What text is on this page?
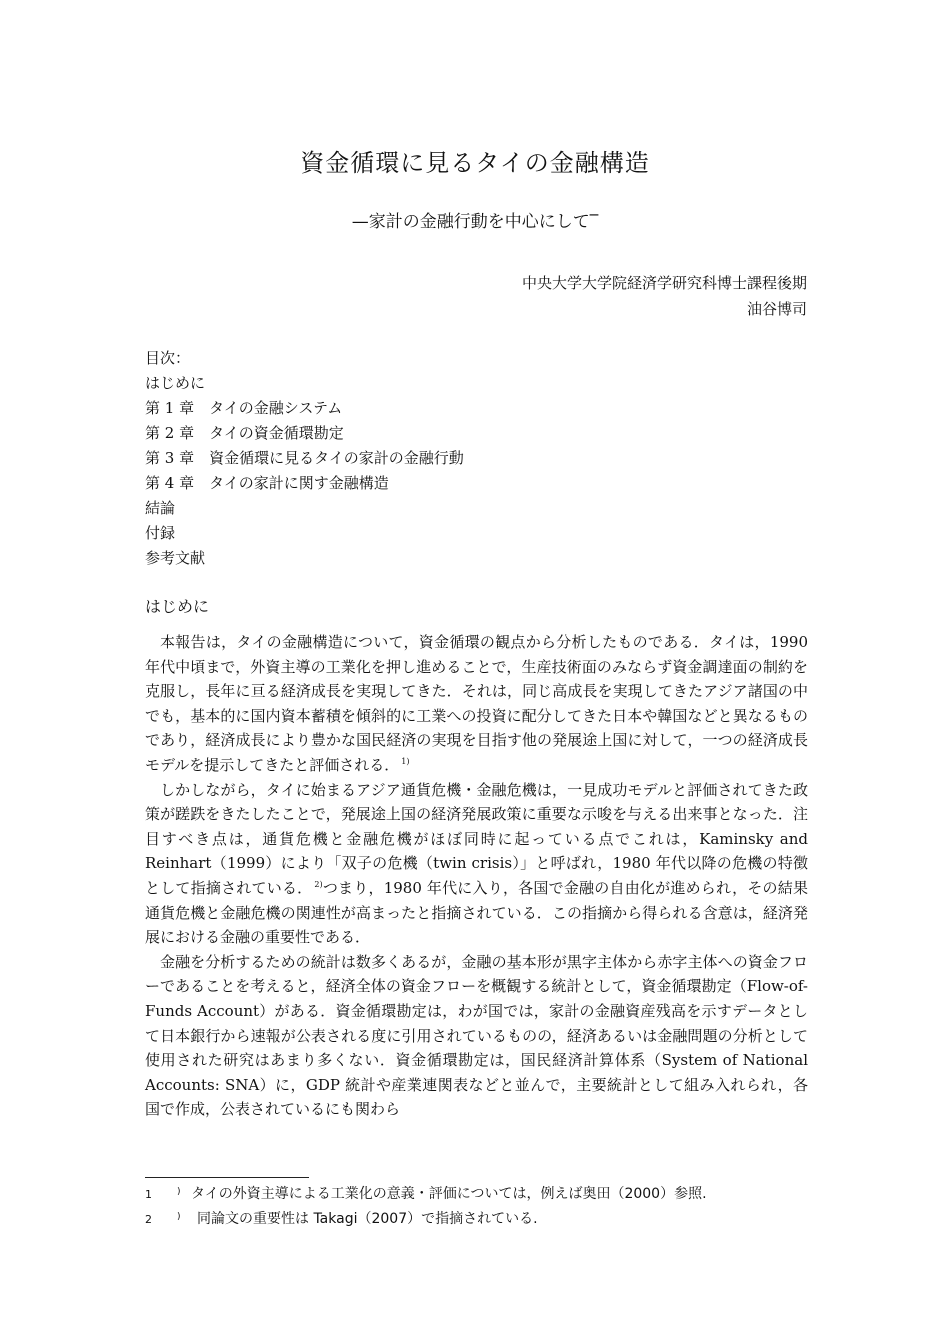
資金循環に見るタイの金融構造
—家計の金融行動を中心にして‾
中央大学大学院経済学研究科博士課程後期
油谷博司
目次：
はじめに
第 1 章　タイの金融システム
第 2 章　タイの資金循環勘定
第 3 章　資金循環に見るタイの家計の金融行動
第 4 章　タイの家計に関す金融構造
結論
付録
参考文献
はじめに

本報告は，タイの金融構造について，資金循環の観点から分析したものである．タイは，1990 年代中頃まで，外資主導の工業化を押し進めることで，生産技術面のみならず資金調達面の制約を克服し，長年に亘る経済成長を実現してきた．それは，同じ高成長を実現してきたアジア諸国の中でも，基本的に国内資本蓄積を傾斜的に工業への投資に配分してきた日本や韓国などと異なるものであり，経済成長により豊かな国民経済の実現を目指す他の発展途上国に対して，一つの経済成長モデルを提示してきたと評価される． $^{1)}$

しかしながら，タイに始まるアジア通貨危機・金融危機は，一見成功モデルと評価されてきた政策が蹉跌をきたしたことで，発展途上国の経済発展政策に重要な示唆を与える出来事となった．注目すべき点は，通貨危機と金融危機がほぼ同時に起っている点でこれは，Kaminsky and Reinhart（1999）により「双子の危機（twin crisis）」と呼ばれ，1980 年代以降の危機の特徴として指摘されている． $^{2)}$つまり，1980 年代に入り，各国で金融の自由化が進められ，その結果通貨危機と金融危機の関連性が高まったと指摘されている．この指摘から得られる含意は，経済発展における金融の重要性である．

金融を分析するための統計は数多くあるが，金融の基本形が黒字主体から赤字主体への資金フローであることを考えると，経済全体の資金フローを概観する統計として，資金循環勘定（Flow-of-Funds Account）がある．資金循環勘定は，わが国では，家計の金融資産残高を示すデータとして日本銀行から速報が公表される度に引用されているものの，経済あるいは金融問題の分析として使用された研究はあまり多くない．資金循環勘定は，国民経済計算体系（System of National Accounts: SNA）に，GDP 統計や産業連関表などと並んで，主要統計として組み入れられ，各国で作成，公表されているにも関わら

1	) タイの外資主導による工業化の意義・評価については，例えば奥田（2000）参照.
2	)	同論文の重要性は Takagi（2007）で指摘されている.
